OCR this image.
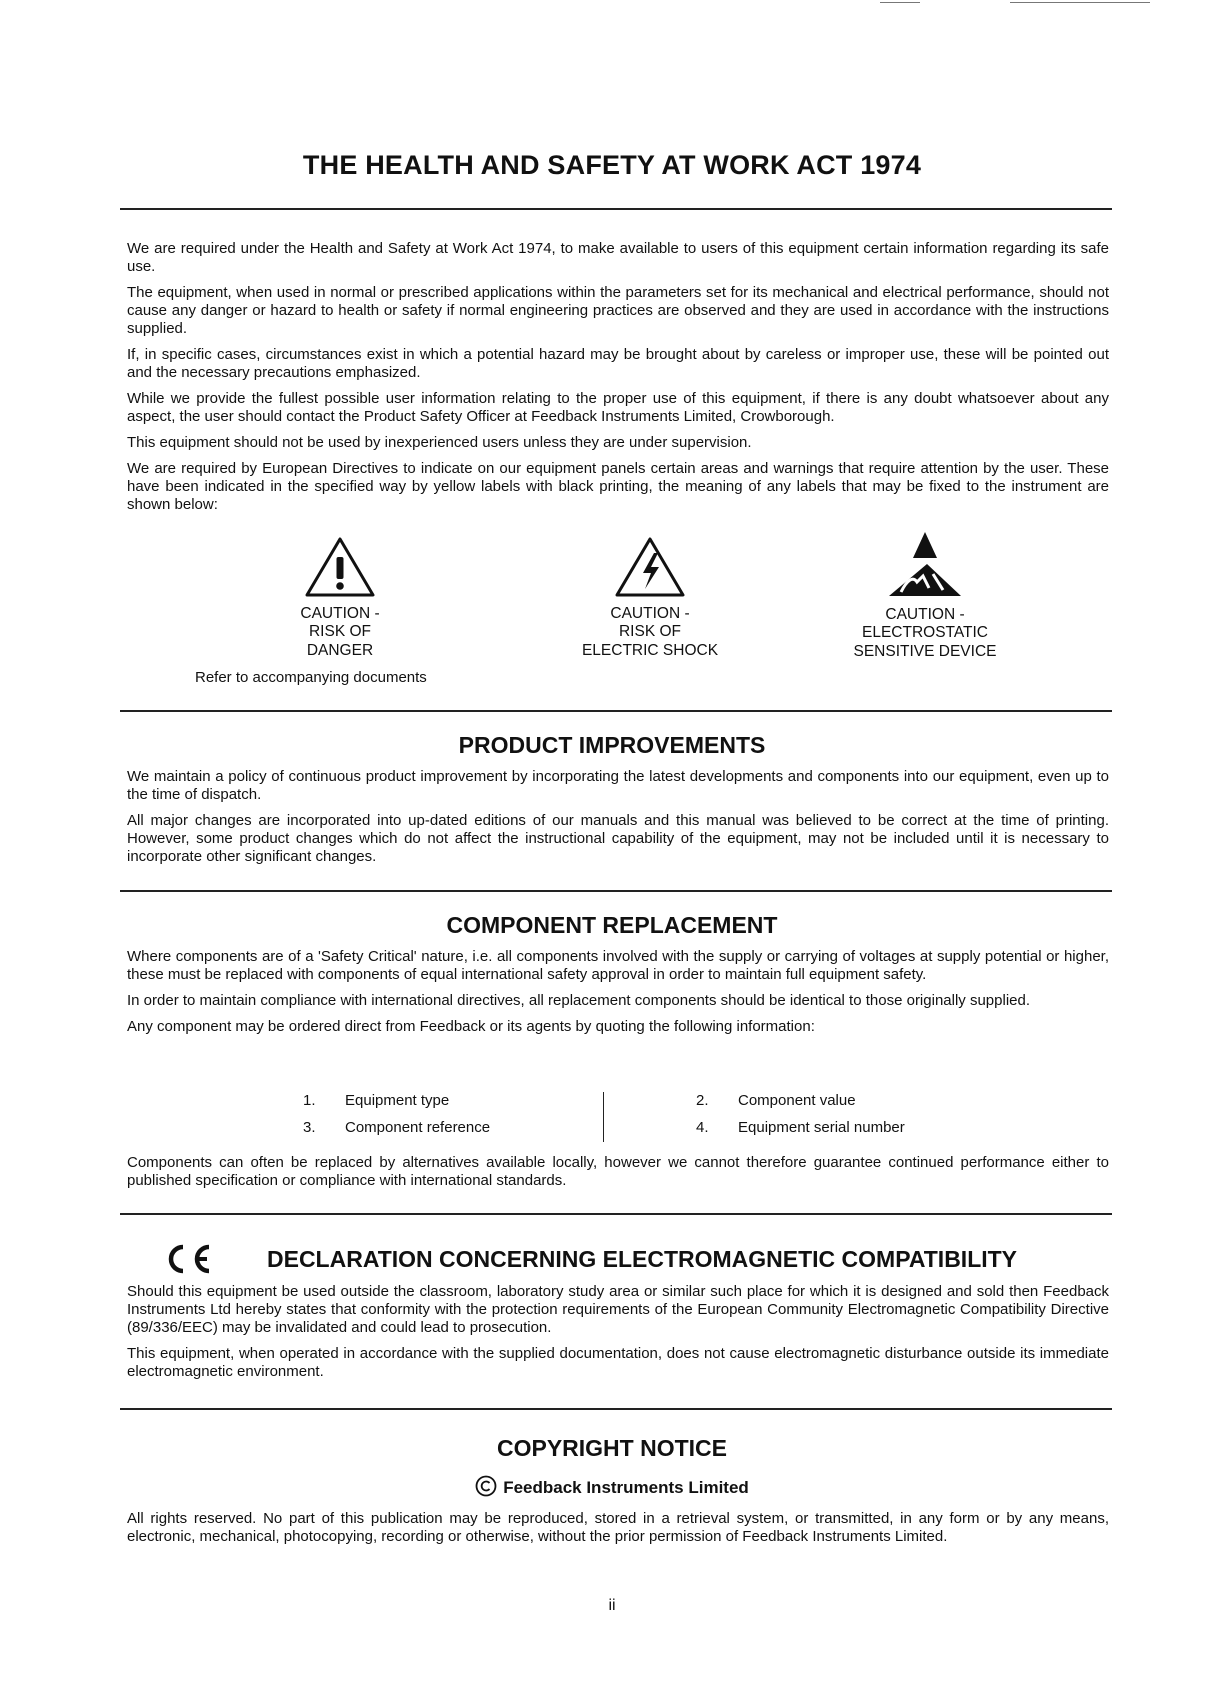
THE HEALTH AND SAFETY AT WORK ACT 1974

We are required under the Health and Safety at Work Act 1974, to make available to users of this equipment certain information regarding its safe use.

The equipment, when used in normal or prescribed applications within the parameters set for its mechanical and electrical performance, should not cause any danger or hazard to health or safety if normal engineering practices are observed and they are used in accordance with the instructions supplied.

If, in specific cases, circumstances exist in which a potential hazard may be brought about by careless or improper use, these will be pointed out and the necessary precautions emphasized.

While we provide the fullest possible user information relating to the proper use of this equipment, if there is any doubt whatsoever about any aspect, the user should contact the Product Safety Officer at Feedback Instruments Limited, Crowborough.

This equipment should not be used by inexperienced users unless they are under supervision.

We are required by European Directives to indicate on our equipment panels certain areas and warnings that require attention by the user. These have been indicated in the specified way by yellow labels with black printing, the meaning of any labels that may be fixed to the instrument are shown below:

CAUTION -
RISK OF
DANGER
CAUTION -
RISK OF
ELECTRIC SHOCK
CAUTION -
ELECTROSTATIC
SENSITIVE DEVICE
Refer to accompanying documents
PRODUCT IMPROVEMENTS

We maintain a policy of continuous product improvement by incorporating the latest developments and components into our equipment, even up to the time of dispatch.

All major changes are incorporated into up-dated editions of our manuals and this manual was believed to be correct at the time of printing. However, some product changes which do not affect the instructional capability of the equipment, may not be included until it is necessary to incorporate other significant changes.

COMPONENT REPLACEMENT

Where components are of a 'Safety Critical' nature, i.e. all components involved with the supply or carrying of voltages at supply potential or higher, these must be replaced with components of equal international safety approval in order to maintain full equipment safety.

In order to maintain compliance with international directives, all replacement components should be identical to those originally supplied.

Any component may be ordered direct from Feedback or its agents by quoting the following information:

1. Equipment type
3. Component reference
2. Component value
4. Equipment serial number

Components can often be replaced by alternatives available locally, however we cannot therefore guarantee continued performance either to published specification or compliance with international standards.

DECLARATION CONCERNING ELECTROMAGNETIC COMPATIBILITY

Should this equipment be used outside the classroom, laboratory study area or similar such place for which it is designed and sold then Feedback Instruments Ltd hereby states that conformity with the protection requirements of the European Community Electromagnetic Compatibility Directive (89/336/EEC) may be invalidated and could lead to prosecution.

This equipment, when operated in accordance with the supplied documentation, does not cause electromagnetic disturbance outside its immediate electromagnetic environment.

COPYRIGHT NOTICE
Feedback Instruments Limited

All rights reserved. No part of this publication may be reproduced, stored in a retrieval system, or transmitted, in any form or by any means, electronic, mechanical, photocopying, recording or otherwise, without the prior permission of Feedback Instruments Limited.

ii
